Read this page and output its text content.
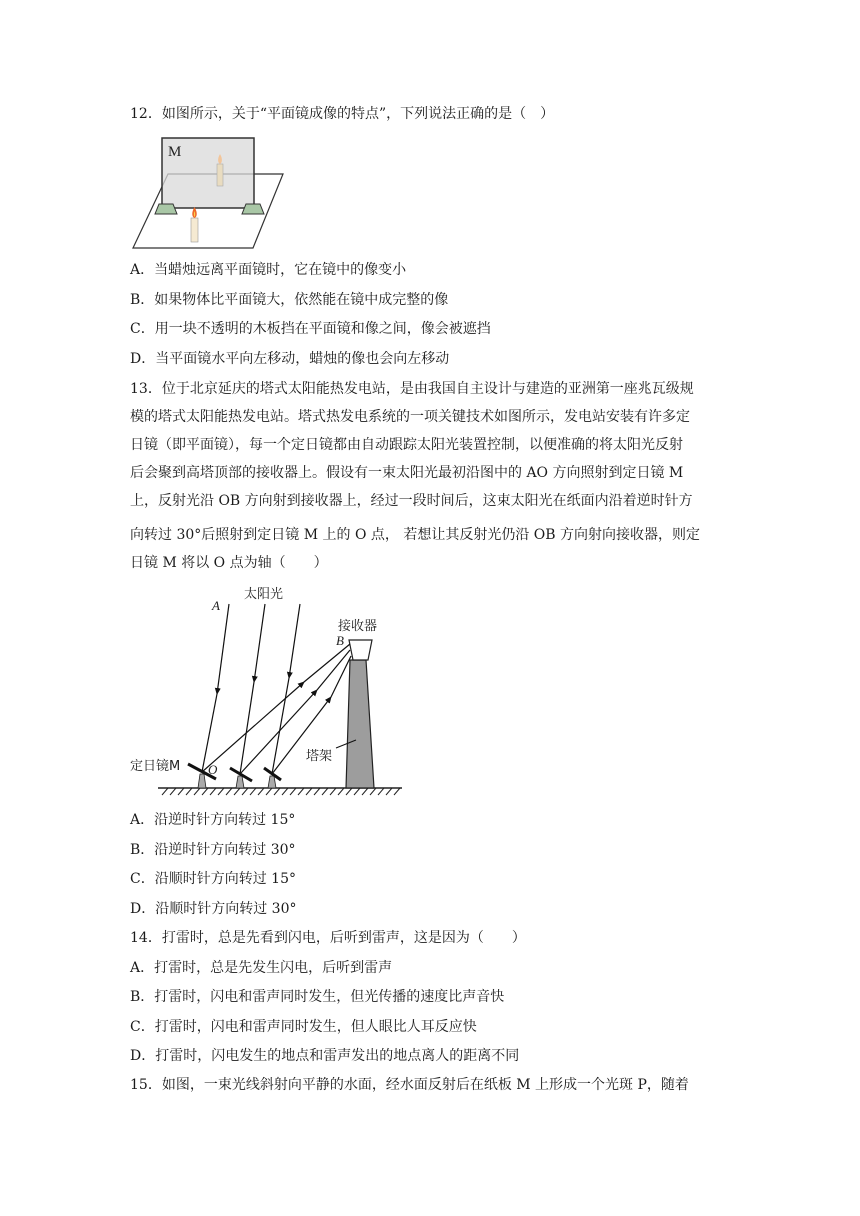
12．如图所示，关于“平面镜成像的特点”，下列说法正确的是（　）
M
A．当蜡烛远离平面镜时，它在镜中的像变小
B．如果物体比平面镜大，依然能在镜中成完整的像
C．用一块不透明的木板挡在平面镜和像之间，像会被遮挡
D．当平面镜水平向左移动，蜡烛的像也会向左移动
13．位于北京延庆的塔式太阳能热发电站，是由我国自主设计与建造的亚洲第一座兆瓦级规
模的塔式太阳能热发电站。塔式热发电系统的一项关键技术如图所示，发电站安装有许多定
日镜（即平面镜），每一个定日镜都由自动跟踪太阳光装置控制，以便准确的将太阳光反射
后会聚到高塔顶部的接收器上。假设有一束太阳光最初沿图中的 AO 方向照射到定日镜 M
上，反射光沿 OB 方向射到接收器上，经过一段时间后，这束太阳光在纸面内沿着逆时针方
向转过 30°后照射到定日镜 M 上的 O 点， 若想让其反射光仍沿 OB 方向射向接收器，则定
日镜 M 将以 O 点为轴（　　）
A
太阳光
接收器
B
塔架
定日镜M O
A．沿逆时针方向转过 15°
B．沿逆时针方向转过 30°
C．沿顺时针方向转过 15°
D．沿顺时针方向转过 30°
14．打雷时，总是先看到闪电，后听到雷声，这是因为（　　）
A．打雷时，总是先发生闪电，后听到雷声
B．打雷时，闪电和雷声同时发生，但光传播的速度比声音快
C．打雷时，闪电和雷声同时发生，但人眼比人耳反应快
D．打雷时，闪电发生的地点和雷声发出的地点离人的距离不同
15．如图，一束光线斜射向平静的水面，经水面反射后在纸板 M 上形成一个光斑 P，随着
